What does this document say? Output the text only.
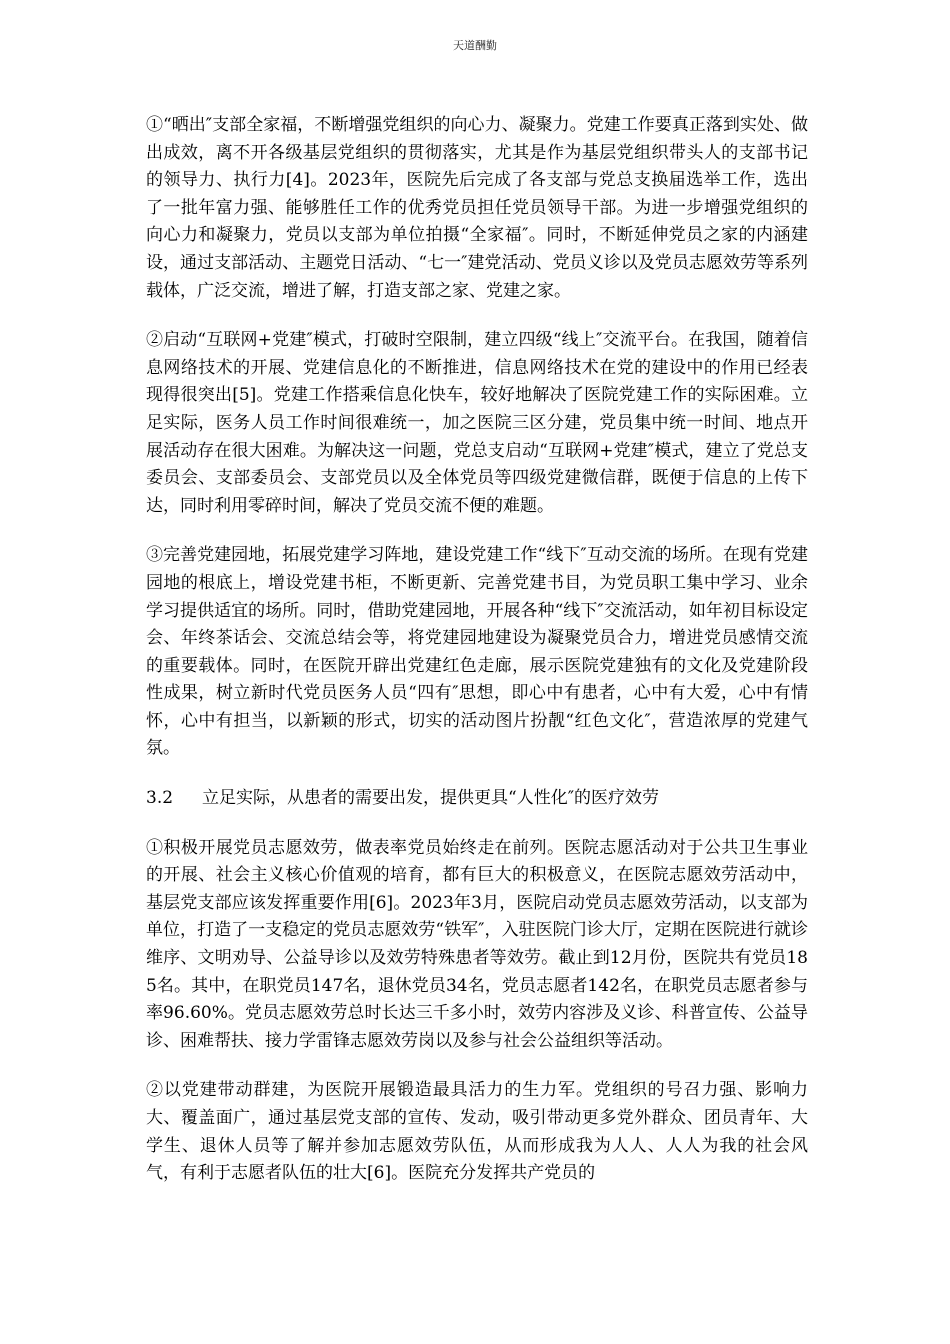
天道酬勤

①“晒出″支部全家福，不断增强党组织的向心力、凝聚力。党建工作要真正落到实处、做出成效，离不开各级基层党组织的贯彻落实，尤其是作为基层党组织带头人的支部书记的领导力、执行力[4]。2023年，医院先后完成了各支部与党总支换届选举工作，选出了一批年富力强、能够胜任工作的优秀党员担任党员领导干部。为进一步增强党组织的向心力和凝聚力，党员以支部为单位拍摄“全家福″。同时，不断延伸党员之家的内涵建设，通过支部活动、主题党日活动、“七一″建党活动、党员义诊以及党员志愿效劳等系列载体，广泛交流，增进了解，打造支部之家、党建之家。

②启动“互联网+党建″模式，打破时空限制，建立四级“线上″交流平台。在我国，随着信息网络技术的开展、党建信息化的不断推进，信息网络技术在党的建设中的作用已经表现得很突出[5]。党建工作搭乘信息化快车，较好地解决了医院党建工作的实际困难。立足实际，医务人员工作时间很难统一，加之医院三区分建，党员集中统一时间、地点开展活动存在很大困难。为解决这一问题，党总支启动“互联网+党建″模式，建立了党总支委员会、支部委员会、支部党员以及全体党员等四级党建微信群，既便于信息的上传下达，同时利用零碎时间，解决了党员交流不便的难题。

③完善党建园地，拓展党建学习阵地，建设党建工作“线下″互动交流的场所。在现有党建园地的根底上，增设党建书柜，不断更新、完善党建书目，为党员职工集中学习、业余学习提供适宜的场所。同时，借助党建园地，开展各种“线下″交流活动，如年初目标设定会、年终茶话会、交流总结会等，将党建园地建设为凝聚党员合力，增进党员感情交流的重要载体。同时，在医院开辟出党建红色走廊，展示医院党建独有的文化及党建阶段性成果，树立新时代党员医务人员“四有″思想，即心中有患者，心中有大爱，心中有情怀，心中有担当，以新颖的形式，切实的活动图片扮靓“红色文化″，营造浓厚的党建气氛。

3.2 立足实际，从患者的需要出发，提供更具“人性化″的医疗效劳

①积极开展党员志愿效劳，做表率党员始终走在前列。医院志愿活动对于公共卫生事业的开展、社会主义核心价值观的培育，都有巨大的积极意义，在医院志愿效劳活动中，基层党支部应该发挥重要作用[6]。2023年3月，医院启动党员志愿效劳活动，以支部为单位，打造了一支稳定的党员志愿效劳“铁军″，入驻医院门诊大厅，定期在医院进行就诊维序、文明劝导、公益导诊以及效劳特殊患者等效劳。截止到12月份，医院共有党员185名。其中，在职党员147名，退休党员34名，党员志愿者142名，在职党员志愿者参与率96.60%。党员志愿效劳总时长达三千多小时，效劳内容涉及义诊、科普宣传、公益导诊、困难帮扶、接力学雷锋志愿效劳岗以及参与社会公益组织等活动。

②以党建带动群建，为医院开展锻造最具活力的生力军。党组织的号召力强、影响力大、覆盖面广，通过基层党支部的宣传、发动，吸引带动更多党外群众、团员青年、大学生、退休人员等了解并参加志愿效劳队伍，从而形成我为人人、人人为我的社会风气，有利于志愿者队伍的壮大[6]。医院充分发挥共产党员的
